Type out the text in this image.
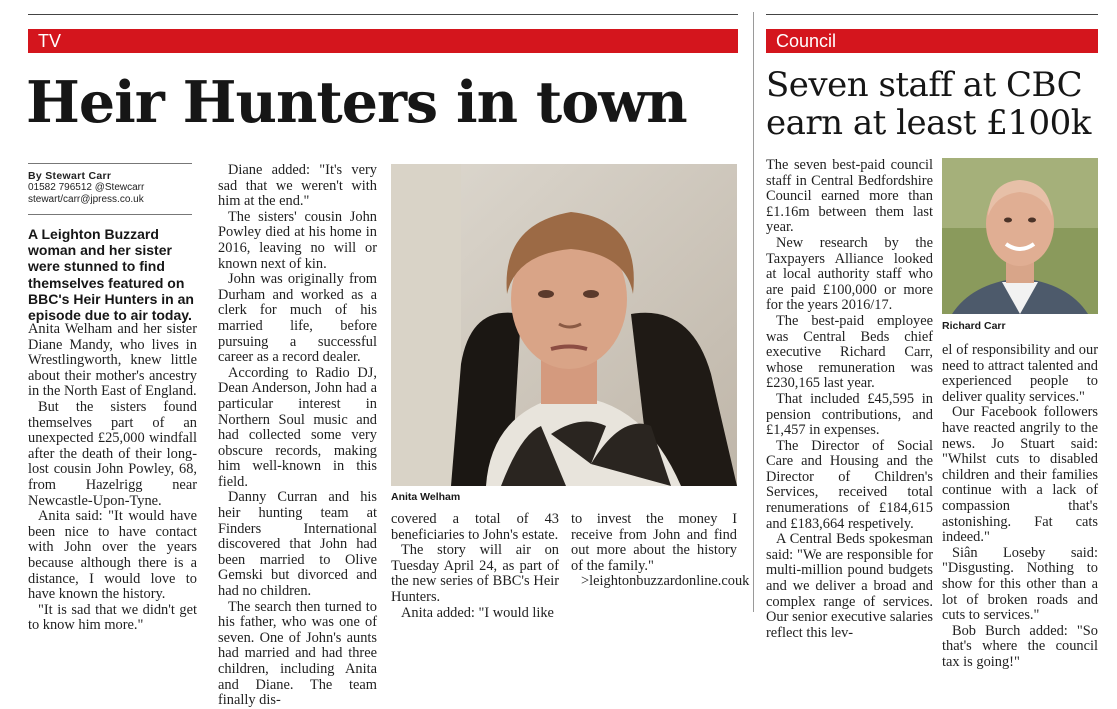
TV
Heir Hunters in town
By Stewart Carr
01582 796512 @Stewcarr
stewart/carr@jpress.co.uk
A Leighton Buzzard woman and her sister were stunned to find themselves featured on BBC's Heir Hunters in an episode due to air today.

Anita Welham and her sister Diane Mandy, who lives in Wrestlingworth, knew little about their mother's ancestry in the North East of England.

But the sisters found themselves part of an unexpected £25,000 windfall after the death of their long-lost cousin John Powley, 68, from Hazelrigg near Newcastle-Upon-Tyne.

Anita said: "It would have been nice to have contact with John over the years because although there is a distance, I would love to have known the history.

"It is sad that we didn't get to know him more."

Diane added: "It's very sad that we weren't with him at the end."

The sisters' cousin John Powley died at his home in 2016, leaving no will or known next of kin.

John was originally from Durham and worked as a clerk for much of his married life, before pursuing a successful career as a record dealer.

According to Radio DJ, Dean Anderson, John had a particular interest in Northern Soul music and had collected some very obscure records, making him well-known in this field.

Danny Curran and his heir hunting team at Finders International discovered that John had been married to Olive Gemski but divorced and had no children.

The search then turned to his father, who was one of seven. One of John's aunts had married and had three children, including Anita and Diane. The team finally dis-

Anita Welham

covered a total of 43 beneficiaries to John's estate.

The story will air on Tuesday April 24, as part of the new series of BBC's Heir Hunters.

Anita added: "I would like

to invest the money I receive from John and find out more about the history of the family."

>leightonbuzzardonline.couk

Council
Seven staff at CBC
earn at least £100k

The seven best-paid council staff in Central Bedfordshire Council earned more than £1.16m between them last year.

New research by the Taxpayers Alliance looked at local authority staff who are paid £100,000 or more for the years 2016/17.

The best-paid employee was Central Beds chief executive Richard Carr, whose remuneration was £230,165 last year.

That included £45,595 in pension contributions, and £1,457 in expenses.

The Director of Social Care and Housing and the Director of Children's Services, received total renumerations of £184,615 and £183,664 respetively.

A Central Beds spokesman said: "We are responsible for multi-million pound budgets and we deliver a broad and complex range of services. Our senior executive salaries reflect this lev-

Richard Carr

el of responsibility and our need to attract talented and experienced people to deliver quality services."

Our Facebook followers have reacted angrily to the news. Jo Stuart said: "Whilst cuts to disabled children and their families continue with a lack of compassion that's astonishing. Fat cats indeed."

Siân Loseby said: "Disgusting. Nothing to show for this other than a lot of broken roads and cuts to services."

Bob Burch added: "So that's where the council tax is going!"
